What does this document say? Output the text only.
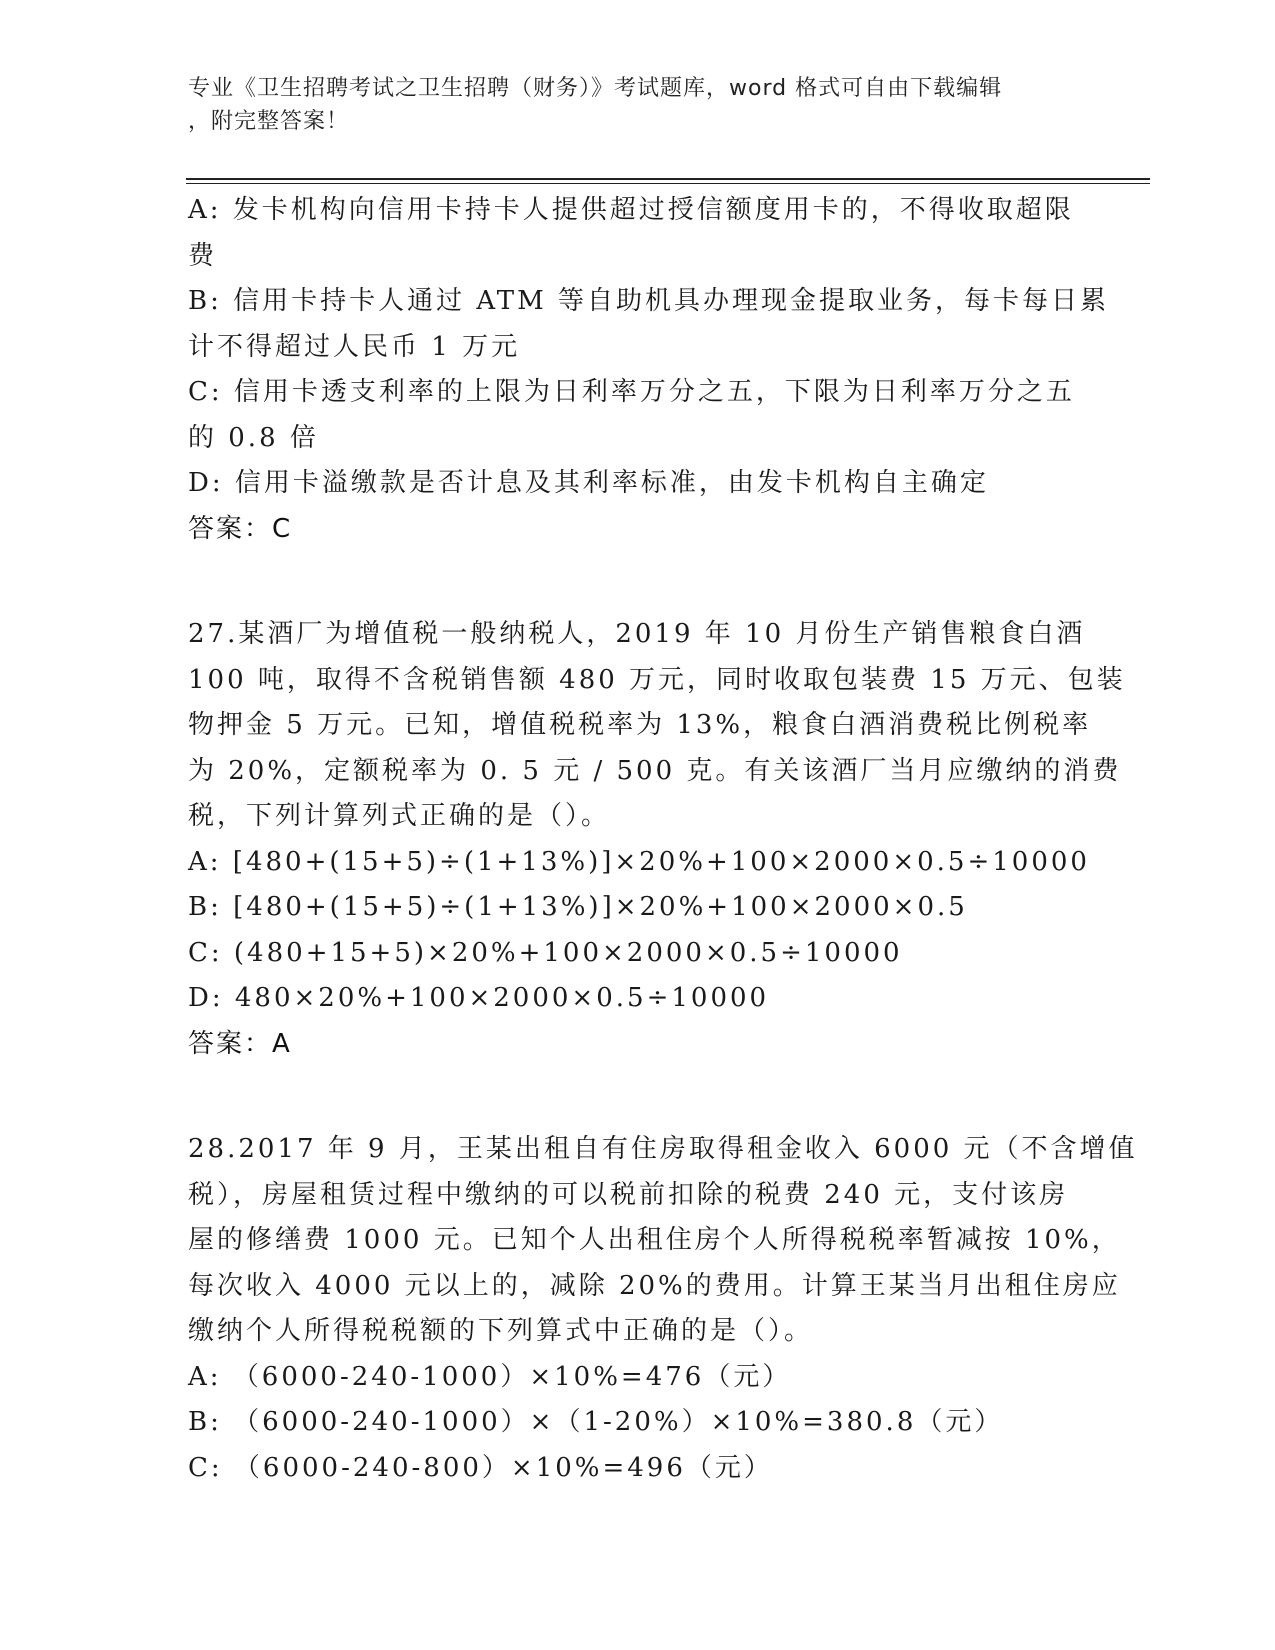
专业《卫生招聘考试之卫生招聘（财务）》考试题库，word 格式可自由下载编辑
，附完整答案！
A: 发卡机构向信用卡持卡人提供超过授信额度用卡的，不得收取超限
费
B: 信用卡持卡人通过 ATM 等自助机具办理现金提取业务，每卡每日累
计不得超过人民币 1 万元
C: 信用卡透支利率的上限为日利率万分之五，下限为日利率万分之五
的 0.8 倍
D: 信用卡溢缴款是否计息及其利率标准，由发卡机构自主确定
答案：C
27.某酒厂为增值税一般纳税人，2019 年 10 月份生产销售粮食白酒
100 吨，取得不含税销售额 480 万元，同时收取包装费 15 万元、包装
物押金 5 万元。已知，增值税税率为 13%，粮食白酒消费税比例税率
为 20%，定额税率为 0. 5 元 / 500 克。有关该酒厂当月应缴纳的消费
税，下列计算列式正确的是（）。
A: [480+(15+5)÷(1+13%)]×20%+100×2000×0.5÷10000
B: [480+(15+5)÷(1+13%)]×20%+100×2000×0.5
C: (480+15+5)×20%+100×2000×0.5÷10000
D: 480×20%+100×2000×0.5÷10000
答案：A
28.2017 年 9 月，王某出租自有住房取得租金收入 6000 元（不含增值
税），房屋租赁过程中缴纳的可以税前扣除的税费 240 元，支付该房
屋的修缮费 1000 元。已知个人出租住房个人所得税税率暂减按 10%，
每次收入 4000 元以上的，减除 20%的费用。计算王某当月出租住房应
缴纳个人所得税税额的下列算式中正确的是（）。
A: （6000-240-1000）×10%=476（元）
B: （6000-240-1000）×（1-20%）×10%=380.8（元）
C: （6000-240-800）×10%=496（元）
